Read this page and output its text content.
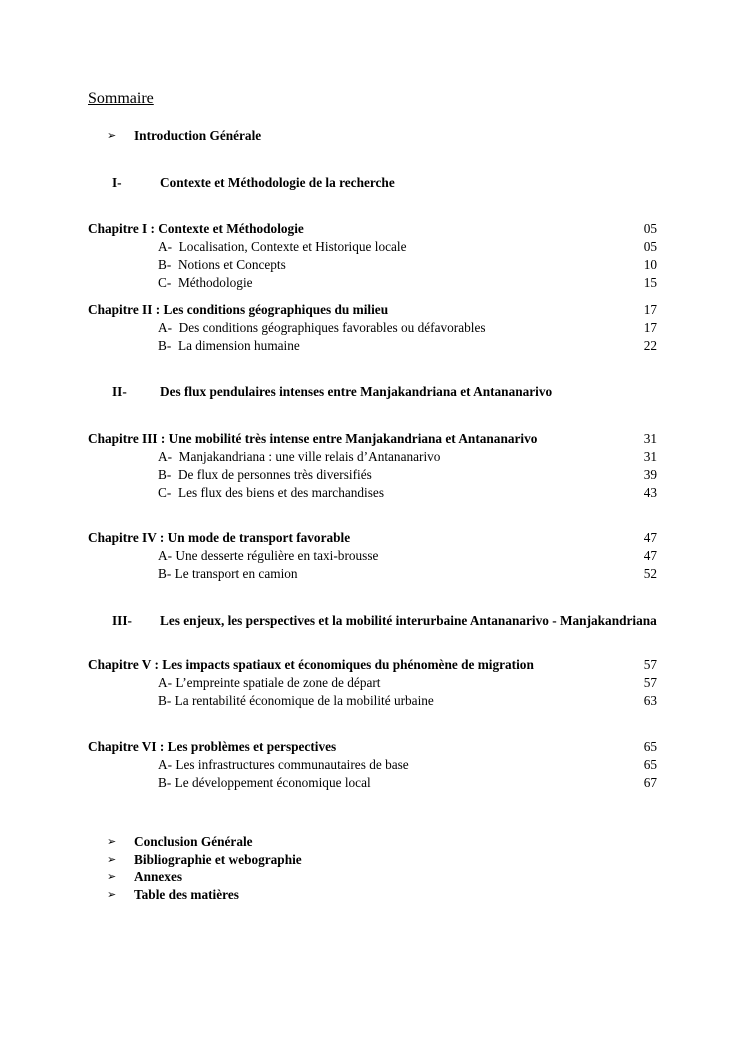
Sommaire
➢	Introduction Générale
I-	Contexte et Méthodologie de la recherche
Chapitre I : Contexte et Méthodologie	05
A-  Localisation, Contexte et Historique locale	05
B-  Notions et Concepts	10
C-  Méthodologie	15
Chapitre II : Les conditions géographiques du milieu	17
A-  Des conditions géographiques favorables ou défavorables	17
B-  La dimension humaine	22
II-	Des flux pendulaires intenses entre Manjakandriana et Antananarivo
Chapitre III : Une mobilité très intense entre Manjakandriana et Antananarivo	31
A-  Manjakandriana : une ville relais d’Antananarivo	31
B-  De flux de personnes très diversifiés	39
C-  Les flux des biens et des marchandises	43
Chapitre IV : Un mode de transport favorable	47
A- Une desserte régulière en taxi-brousse	47
B- Le transport en camion	52
III-	Les enjeux, les perspectives et la mobilité interurbaine Antananarivo - Manjakandriana
Chapitre V : Les impacts spatiaux et économiques du phénomène de migration	57
A- L’empreinte spatiale de zone de départ	57
B- La rentabilité économique de la mobilité urbaine	63
Chapitre VI : Les problèmes et perspectives	65
A- Les infrastructures communautaires de base	65
B- Le développement économique local	67
➢	Conclusion Générale
➢	Bibliographie et webographie
➢	Annexes
➢	Table des matières
